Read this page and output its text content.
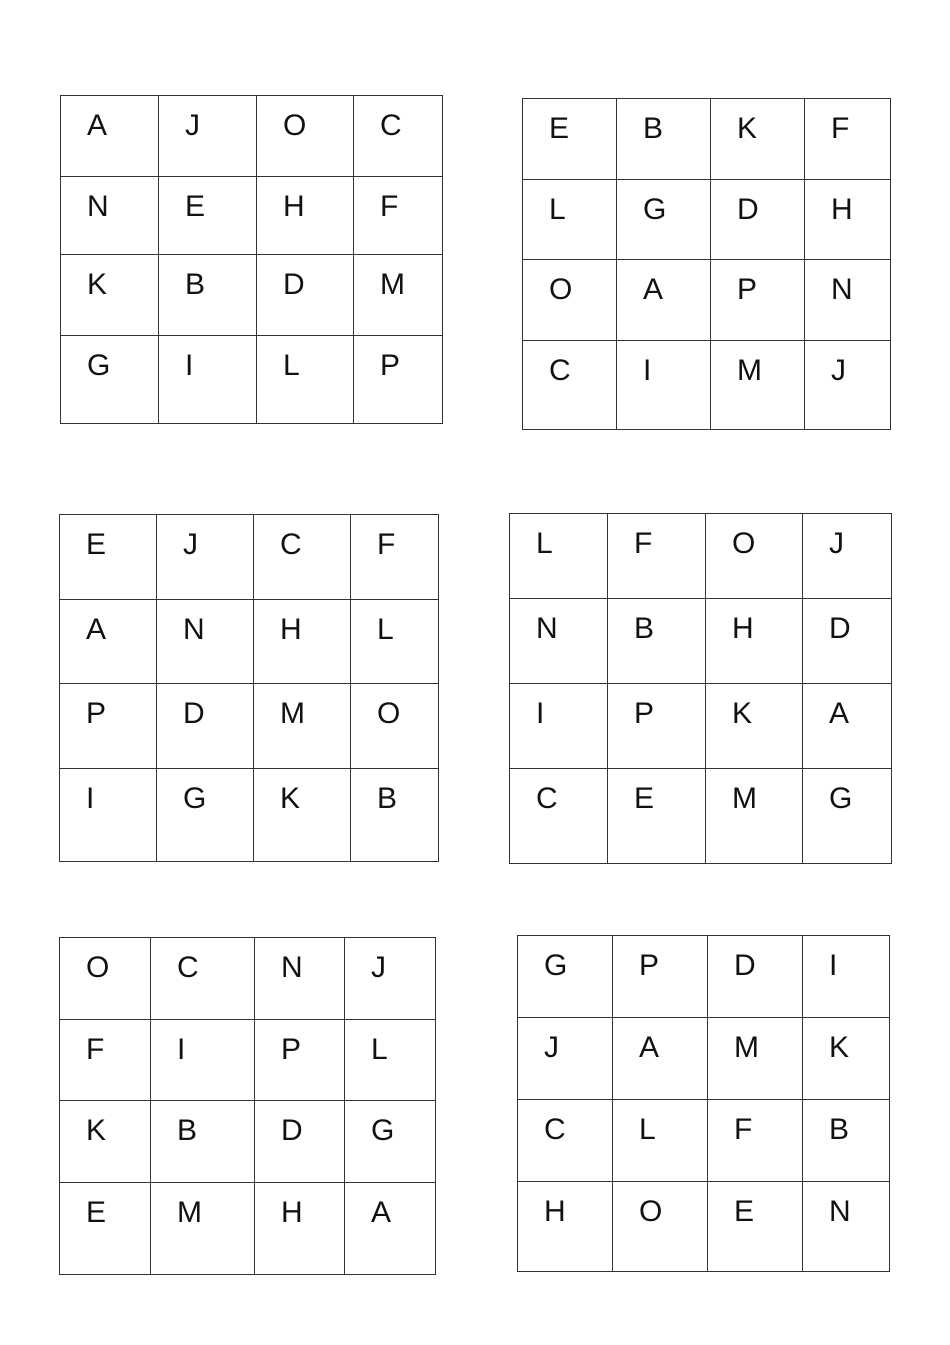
A	J	O	C

N	E	H	F

K	B	D	M

G	I	L	P
E	B	K	F

L	G	D	H

O	A	P	N

C	I	M	J
E	J	C	F

A	N	H	L

P	D	M	O

I	G	K	B
L	F	O	J

N	B	H	D

I	P	K	A

C	E	M	G
O	C	N	J

F	I	P	L

K	B	D	G

E	M	H	A
G	P	D	I

J	A	M	K

C	L	F	B

H	O	E	N
